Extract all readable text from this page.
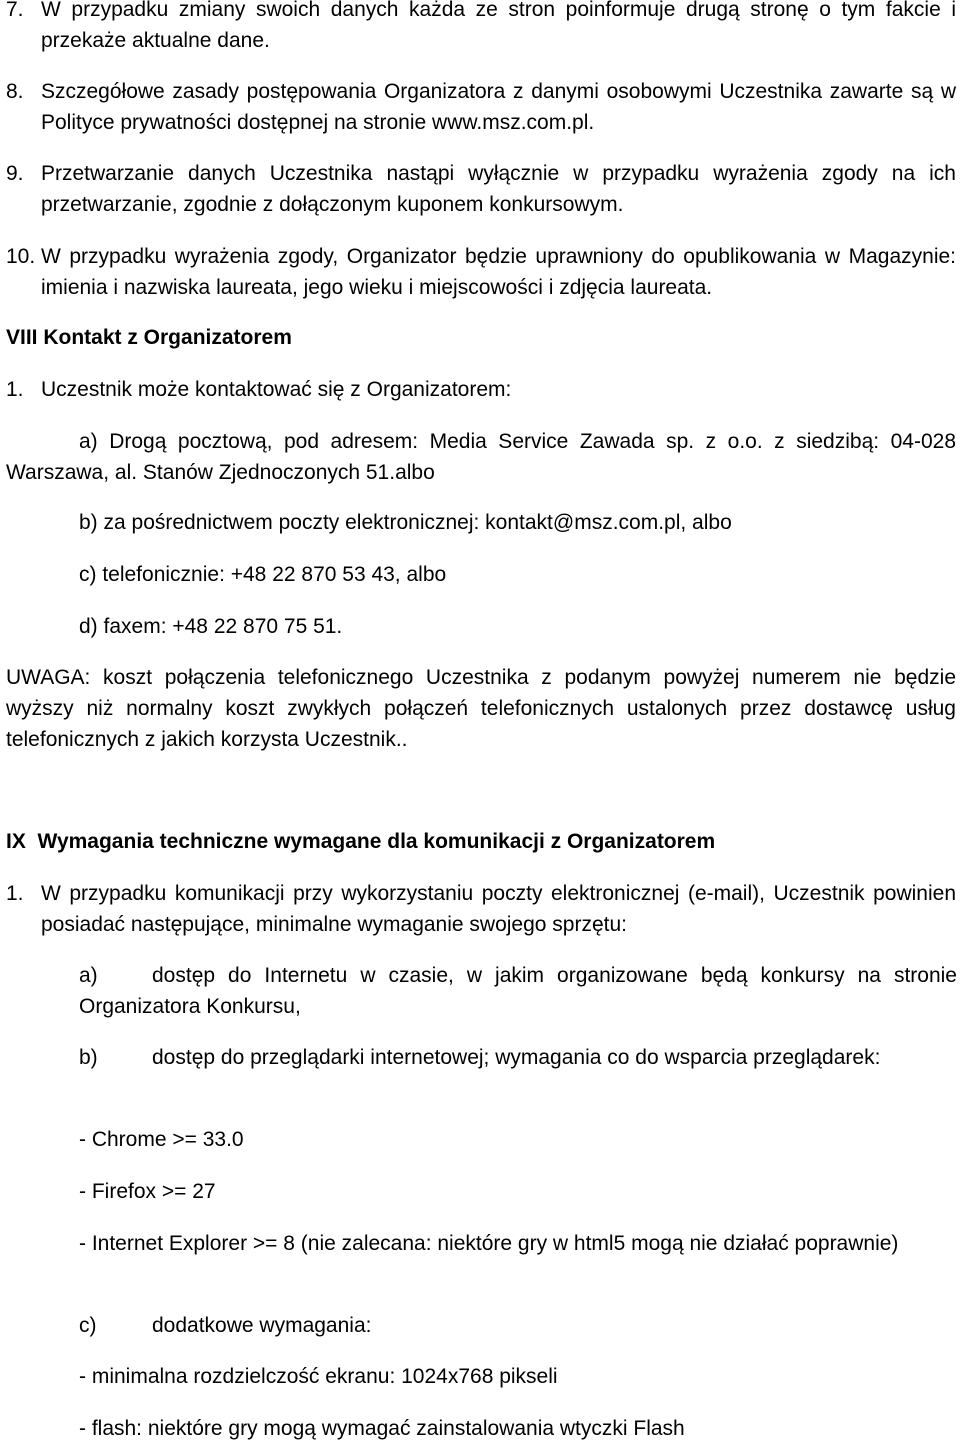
7. W przypadku zmiany swoich danych każda ze stron poinformuje drugą stronę o tym fakcie i przekaże aktualne dane.
8. Szczegółowe zasady postępowania Organizatora z danymi osobowymi Uczestnika zawarte są w Polityce prywatności dostępnej na stronie www.msz.com.pl.
9. Przetwarzanie danych Uczestnika nastąpi wyłącznie w przypadku wyrażenia zgody na ich przetwarzanie, zgodnie z dołączonym kuponem konkursowym.
10. W przypadku wyrażenia zgody, Organizator będzie uprawniony do opublikowania w Magazynie: imienia i nazwiska laureata, jego wieku i miejscowości i zdjęcia laureata.
VIII Kontakt z Organizatorem
1. Uczestnik może kontaktować się z Organizatorem:
a) Drogą pocztową, pod adresem: Media Service Zawada sp. z o.o. z siedzibą: 04-028 Warszawa, al. Stanów Zjednoczonych 51.albo
b) za pośrednictwem poczty elektronicznej: kontakt@msz.com.pl, albo
c) telefonicznie: +48 22 870 53 43, albo
d) faxem: +48 22 870 75 51.
UWAGA: koszt połączenia telefonicznego Uczestnika z podanym powyżej numerem nie będzie wyższy niż normalny koszt zwykłych połączeń telefonicznych ustalonych przez dostawcę usług telefonicznych z jakich korzysta Uczestnik..
IX  Wymagania techniczne wymagane dla komunikacji z Organizatorem
1. W przypadku komunikacji przy wykorzystaniu poczty elektronicznej (e-mail), Uczestnik powinien posiadać następujące, minimalne wymaganie swojego sprzętu:
a)	dostęp do Internetu w czasie, w jakim organizowane będą konkursy na stronie Organizatora Konkursu,
b)	dostęp do przeglądarki internetowej; wymagania co do wsparcia przeglądarek:
- Chrome >= 33.0
- Firefox >= 27
- Internet Explorer >= 8 (nie zalecana: niektóre gry w html5 mogą nie działać poprawnie)
c)	dodatkowe wymagania:
- minimalna rozdzielczość ekranu: 1024x768 pikseli
- flash: niektóre gry mogą wymagać zainstalowania wtyczki Flash
